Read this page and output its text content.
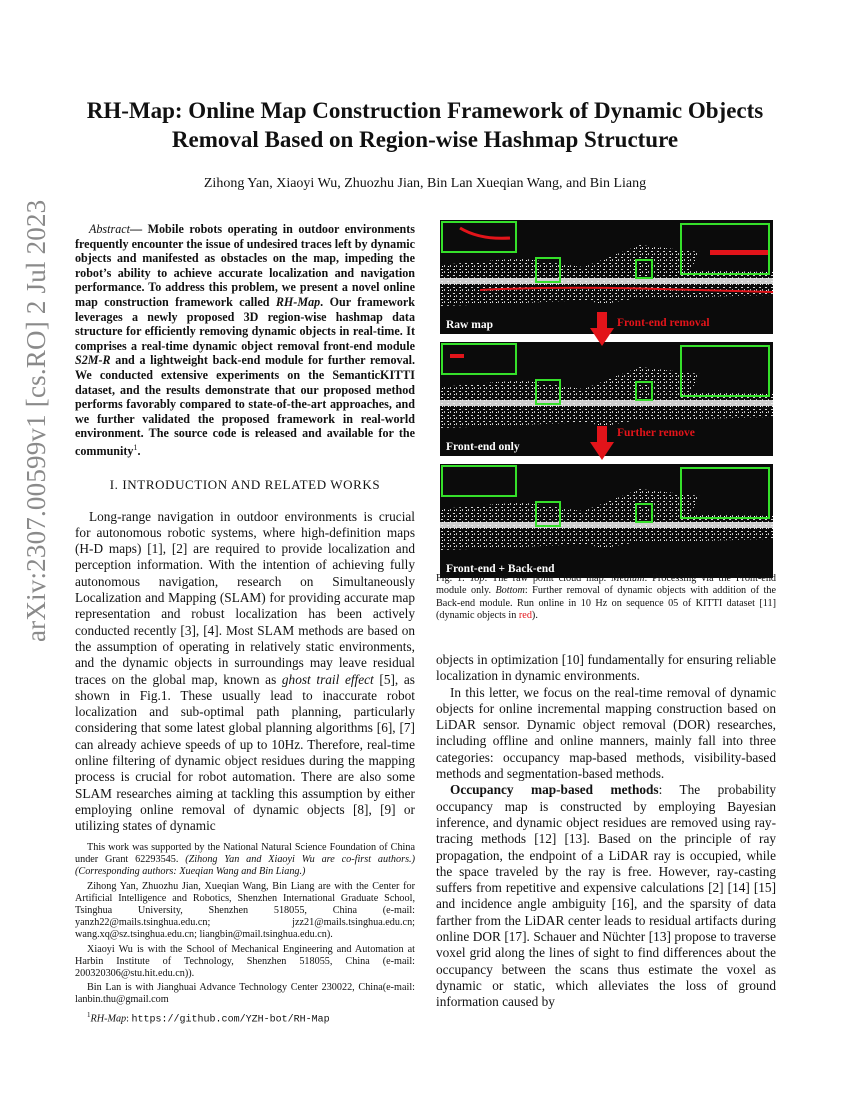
arXiv:2307.00599v1 [cs.RO] 2 Jul 2023
RH-Map: Online Map Construction Framework of Dynamic Objects
Removal Based on Region-wise Hashmap Structure
Zihong Yan, Xiaoyi Wu, Zhuozhu Jian, Bin Lan Xueqian Wang, and Bin Liang

Abstract— Mobile robots operating in outdoor environments frequently encounter the issue of undesired traces left by dynamic objects and manifested as obstacles on the map, impeding the robot’s ability to achieve accurate localization and navigation performance. To address this problem, we present a novel online map construction framework called RH-Map. Our framework leverages a newly proposed 3D region-wise hashmap data structure for efficiently removing dynamic objects in real-time. It comprises a real-time dynamic object removal front-end module S2M-R and a lightweight back-end module for further removal. We conducted extensive experiments on the SemanticKITTI dataset, and the results demonstrate that our proposed method performs favorably compared to state-of-the-art approaches, and we further validated the proposed framework in real-world environment. The source code is released and available for the community$^1$.

I. INTRODUCTION AND RELATED WORKS

Long-range navigation in outdoor environments is crucial for autonomous robotic systems, where high-definition maps (H-D maps) [1], [2] are required to provide localization and perception information. With the intention of achieving fully autonomous navigation, research on Simultaneously Localization and Mapping (SLAM) for providing accurate map representation and robust localization has been actively conducted recently [3], [4]. Most SLAM methods are based on the assumption of operating in relatively static environments, and the dynamic objects in surroundings may leave residual traces on the global map, known as ghost trail effect [5], as shown in Fig.1. These usually lead to inaccurate robot localization and sub-optimal path planning, particularly considering that some latest global planning algorithms [6], [7] can already achieve speeds of up to 10Hz. Therefore, real-time online filtering of dynamic object residues during the mapping process is crucial for robot automation. There are also some SLAM researches aiming at tackling this assumption by either employing online removal of dynamic objects [8], [9] or utilizing states of dynamic

This work was supported by the National Natural Science Foundation of China under Grant 62293545. (Zihong Yan and Xiaoyi Wu are co-first authors.) (Corresponding authors: Xueqian Wang and Bin Liang.)

Zihong Yan, Zhuozhu Jian, Xueqian Wang, Bin Liang are with the Center for Artificial Intelligence and Robotics, Shenzhen International Graduate School, Tsinghua University, Shenzhen 518055, China (e-mail: yanzh22@mails.tsinghua.edu.cn; jzz21@mails.tsinghua.edu.cn; wang.xq@sz.tsinghua.edu.cn; liangbin@mail.tsinghua.edu.cn).

Xiaoyi Wu is with the School of Mechanical Engineering and Automation at Harbin Institute of Technology, Shenzhen 518055, China (e-mail: 200320306@stu.hit.edu.cn)).

Bin Lan is with Jianghuai Advance Technology Center 230022, China(e-mail: lanbin.thu@gmail.com

$^1$RH-Map: https://github.com/YZH-bot/RH-Map

Raw map
Front-end only
Front-end + Back-end
Front-end removal
Further remove
Fig. 1. Top: The raw point cloud map. Medium: Processing via the Front-end module only. Bottom: Further removal of dynamic objects with addition of the Back-end module. Run online in 10 Hz on sequence 05 of KITTI dataset [11] (dynamic objects in red).

objects in optimization [10] fundamentally for ensuring reliable localization in dynamic environments.

In this letter, we focus on the real-time removal of dynamic objects for online incremental mapping construction based on LiDAR sensor. Dynamic object removal (DOR) researches, including offline and online manners, mainly fall into three categories: occupancy map-based methods, visibility-based methods and segmentation-based methods.

Occupancy map-based methods: The probability occupancy map is constructed by employing Bayesian inference, and dynamic object residues are removed using ray-tracing methods [12] [13]. Based on the principle of ray propagation, the endpoint of a LiDAR ray is occupied, while the space traveled by the ray is free. However, ray-casting suffers from repetitive and expensive calculations [2] [14] [15] and incidence angle ambiguity [16], and the sparsity of data farther from the LiDAR center leads to residual artifacts during online DOR [17]. Schauer and Nüchter [13] propose to traverse voxel grid along the lines of sight to find differences about the occupancy between the scans thus estimate the voxel as dynamic or static, which alleviates the loss of ground information caused by
